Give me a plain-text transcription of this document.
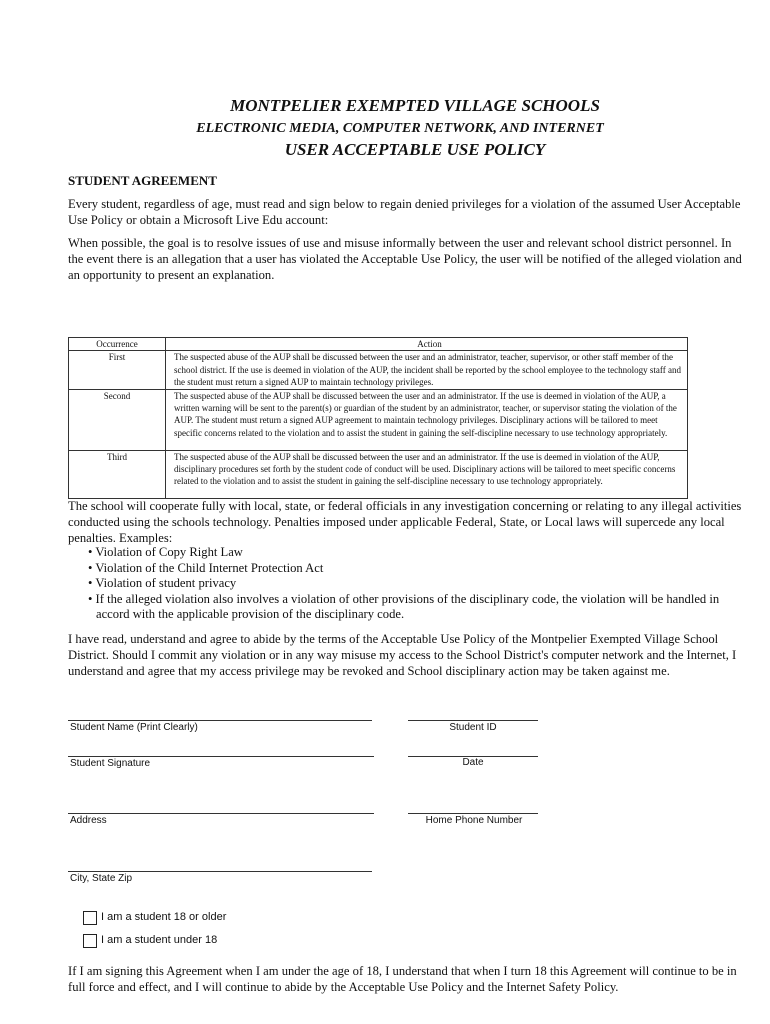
MONTPELIER EXEMPTED VILLAGE SCHOOLS
ELECTRONIC MEDIA, COMPUTER NETWORK, AND INTERNET
USER ACCEPTABLE USE POLICY
STUDENT AGREEMENT
Every student, regardless of age, must read and sign below to regain denied privileges for a violation of the assumed User Acceptable Use Policy or obtain a Microsoft Live Edu account:
When possible, the goal is to resolve issues of use and misuse informally between the user and relevant school district personnel. In the event there is an allegation that a user has violated the Acceptable Use Policy, the user will be notified of the alleged violation and an opportunity to present an explanation.
Occurrence	Action
First	The suspected abuse of the AUP shall be discussed between the user and an administrator, teacher, supervisor, or other staff member of the school district. If the use is deemed in violation of the AUP, the incident shall be reported by the school employee to the technology staff and the student must return a signed AUP to maintain technology privileges.
Second	The suspected abuse of the AUP shall be discussed between the user and an administrator. If the use is deemed in violation of the AUP, a written warning will be sent to the parent(s) or guardian of the student by an administrator, teacher, or supervisor stating the violation of the AUP. The student must return a signed AUP agreement to maintain technology privileges. Disciplinary actions will be tailored to meet specific concerns related to the violation and to assist the student in gaining the self-discipline necessary to use technology appropriately.
Third	The suspected abuse of the AUP shall be discussed between the user and an administrator. If the use is deemed in violation of the AUP, disciplinary procedures set forth by the student code of conduct will be used. Disciplinary actions will be tailored to meet specific concerns related to the violation and to assist the student in gaining the self-discipline necessary to use technology appropriately.
The school will cooperate fully with local, state, or federal officials in any investigation concerning or relating to any illegal activities conducted using the schools technology. Penalties imposed under applicable Federal, State, or Local laws will supercede any local penalties. Examples:
• Violation of Copy Right Law
• Violation of the Child Internet Protection Act
• Violation of student privacy
• If the alleged violation also involves a violation of other provisions of the disciplinary code, the violation will be handled in accord with the applicable provision of the disciplinary code.
I have read, understand and agree to abide by the terms of the Acceptable Use Policy of the Montpelier Exempted Village School District. Should I commit any violation or in any way misuse my access to the School District's computer network and the Internet, I understand and agree that my access privilege may be revoked and School disciplinary action may be taken against me.
Student Name (Print Clearly)	Student ID
Student Signature	Date
Address	Home Phone Number
City, State Zip
I am a student 18 or older
I am a student under 18
If I am signing this Agreement when I am under the age of 18, I understand that when I turn 18 this Agreement will continue to be in full force and effect, and I will continue to abide by the Acceptable Use Policy and the Internet Safety Policy.
